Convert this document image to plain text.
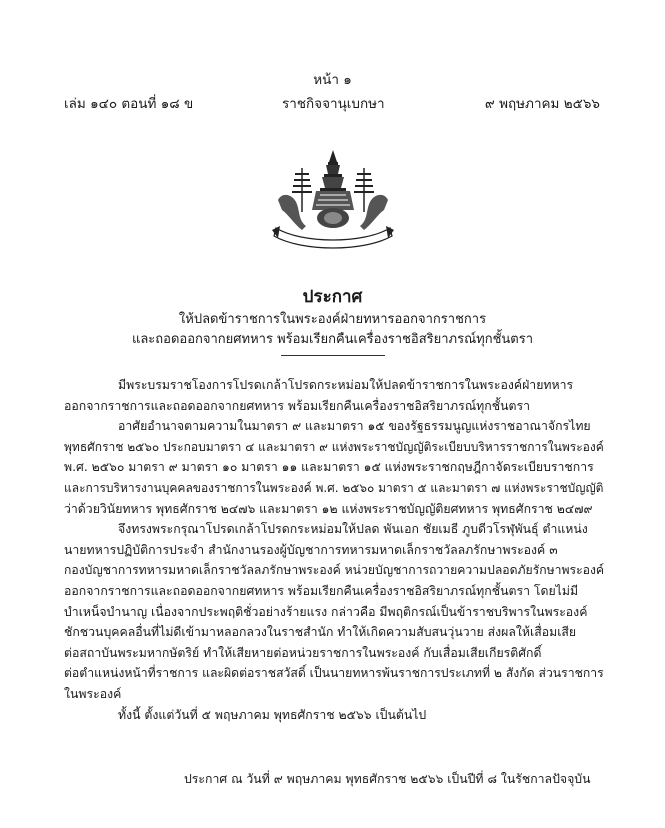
หน้า ๑
เล่ม ๑๔๐ ตอนที่ ๑๘ ข	ราชกิจจานุเบกษา	๙ พฤษภาคม ๒๕๖๖
ประกาศ
ให้ปลดข้าราชการในพระองค์ฝ่ายทหารออกจากราชการ
และถอดออกจากยศทหาร พร้อมเรียกคืนเครื่องราชอิสริยาภรณ์ทุกชั้นตรา

มีพระบรมราชโองการโปรดเกล้าโปรดกระหม่อมให้ปลดข้าราชการในพระองค์ฝ่ายทหาร

ออกจากราชการและถอดออกจากยศทหาร พร้อมเรียกคืนเครื่องราชอิสริยาภรณ์ทุกชั้นตรา

อาศัยอำนาจตามความในมาตรา ๙ และมาตรา ๑๕ ของรัฐธรรมนูญแห่งราชอาณาจักรไทย

พุทธศักราช ๒๕๖๐ ประกอบมาตรา ๔ และมาตรา ๙ แห่งพระราชบัญญัติระเบียบบริหารราชการในพระองค์

พ.ศ. ๒๕๖๐ มาตรา ๙ มาตรา ๑๐ มาตรา ๑๑ และมาตรา ๑๕ แห่งพระราชกฤษฎีกาจัดระเบียบราชการ

และการบริหารงานบุคคลของราชการในพระองค์ พ.ศ. ๒๕๖๐ มาตรา ๕ และมาตรา ๗ แห่งพระราชบัญญัติ

ว่าด้วยวินัยทหาร พุทธศักราช ๒๔๗๖ และมาตรา ๑๒ แห่งพระราชบัญญัติยศทหาร พุทธศักราช ๒๔๗๙

จึงทรงพระกรุณาโปรดเกล้าโปรดกระหม่อมให้ปลด พันเอก ชัยเมธี ภูบดีวโรฬุพันธุ์ ตำแหน่ง

นายทหารปฏิบัติการประจำ สำนักงานรองผู้บัญชาการทหารมหาดเล็กราชวัลลภรักษาพระองค์ ๓

กองบัญชาการทหารมหาดเล็กราชวัลลภรักษาพระองค์ หน่วยบัญชาการถวายความปลอดภัยรักษาพระองค์

ออกจากราชการและถอดออกจากยศทหาร พร้อมเรียกคืนเครื่องราชอิสริยาภรณ์ทุกชั้นตรา โดยไม่มี

บำเหน็จบำนาญ เนื่องจากประพฤติชั่วอย่างร้ายแรง กล่าวคือ มีพฤติกรณ์เป็นข้าราชบริพารในพระองค์

ชักชวนบุคคลอื่นที่ไม่ดีเข้ามาหลอกลวงในราชสำนัก ทำให้เกิดความสับสนวุ่นวาย ส่งผลให้เสื่อมเสีย

ต่อสถาบันพระมหากษัตริย์ ทำให้เสียหายต่อหน่วยราชการในพระองค์ กับเสื่อมเสียเกียรติศักดิ์

ต่อตำแหน่งหน้าที่ราชการ และผิดต่อราชสวัสดิ์ เป็นนายทหารพ้นราชการประเภทที่ ๒ สังกัด ส่วนราชการ

ในพระองค์

ทั้งนี้ ตั้งแต่วันที่ ๕ พฤษภาคม พุทธศักราช ๒๕๖๖ เป็นต้นไป

ประกาศ ณ วันที่ ๙ พฤษภาคม พุทธศักราช ๒๕๖๖ เป็นปีที่ ๘ ในรัชกาลปัจจุบัน
